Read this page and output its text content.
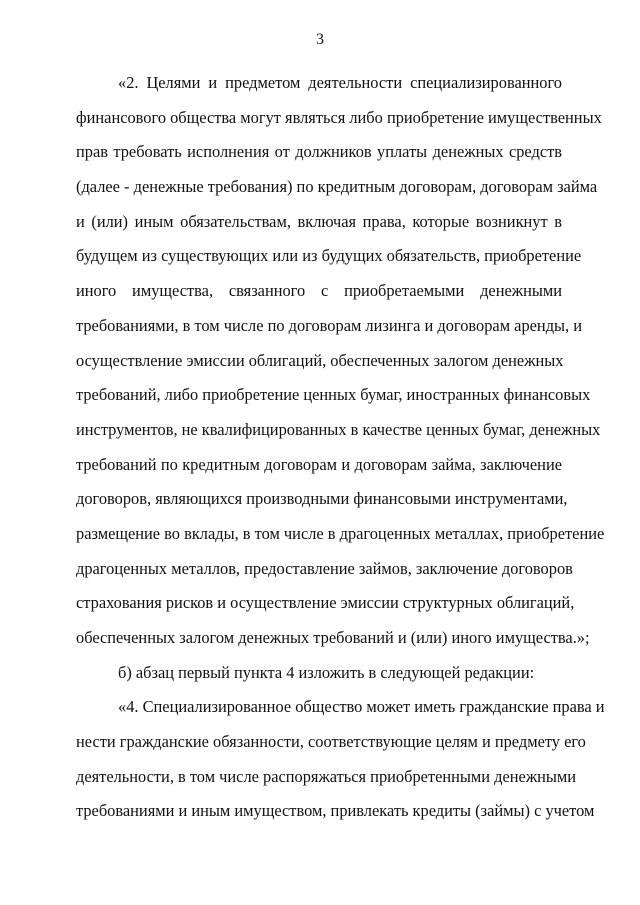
3
«2. Целями и предметом деятельности специализированного
финансового общества могут являться либо приобретение имущественных
прав требовать исполнения от должников уплаты денежных средств
(далее - денежные требования) по кредитным договорам, договорам займа
и (или) иным обязательствам, включая права, которые возникнут в
будущем из существующих или из будущих обязательств, приобретение
иного имущества, связанного с приобретаемыми денежными
требованиями, в том числе по договорам лизинга и договорам аренды, и
осуществление эмиссии облигаций, обеспеченных залогом денежных
требований, либо приобретение ценных бумаг, иностранных финансовых
инструментов, не квалифицированных в качестве ценных бумаг, денежных
требований по кредитным договорам и договорам займа, заключение
договоров, являющихся производными финансовыми инструментами,
размещение во вклады, в том числе в драгоценных металлах, приобретение
драгоценных металлов, предоставление займов, заключение договоров
страхования рисков и осуществление эмиссии структурных облигаций,
обеспеченных залогом денежных требований и (или) иного имущества.»;
б) абзац первый пункта 4 изложить в следующей редакции:
«4. Специализированное общество может иметь гражданские права и
нести гражданские обязанности, соответствующие целям и предмету его
деятельности, в том числе распоряжаться приобретенными денежными
требованиями и иным имуществом, привлекать кредиты (займы) с учетом
